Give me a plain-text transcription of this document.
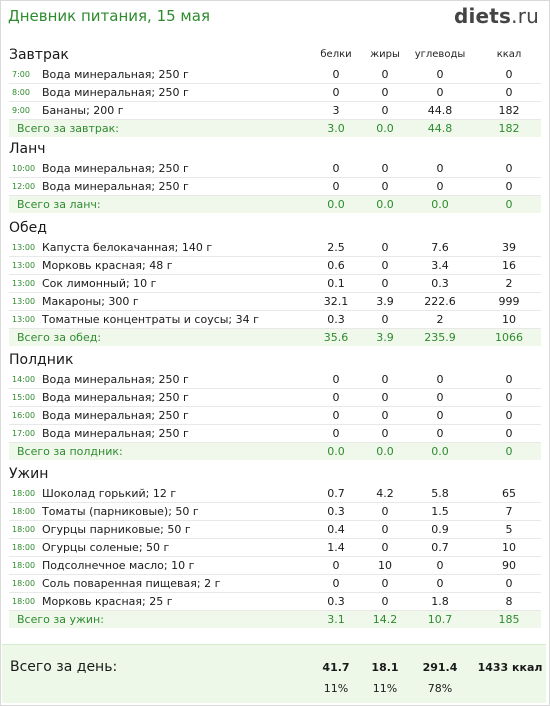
Дневник питания, 15 мая	diets.ru
белки	жиры	углеводы	ккал
Завтрак
7:00 Вода минеральная; 250 г	0	0	0	0
8:00 Вода минеральная; 250 г	0	0	0	0
9:00 Бананы; 200 г	3	0	44.8	182
Всего за завтрак:	3.0	0.0	44.8	182
Ланч
10:00 Вода минеральная; 250 г	0	0	0	0
12:00 Вода минеральная; 250 г	0	0	0	0
Всего за ланч:	0.0	0.0	0.0	0
Обед
13:00 Капуста белокачанная; 140 г	2.5	0	7.6	39
13:00 Морковь красная; 48 г	0.6	0	3.4	16
13:00 Сок лимонный; 10 г	0.1	0	0.3	2
13:00 Макароны; 300 г	32.1	3.9	222.6	999
13:00 Томатные концентраты и соусы; 34 г	0.3	0	2	10
Всего за обед:	35.6	3.9	235.9	1066
Полдник
14:00 Вода минеральная; 250 г	0	0	0	0
15:00 Вода минеральная; 250 г	0	0	0	0
16:00 Вода минеральная; 250 г	0	0	0	0
17:00 Вода минеральная; 250 г	0	0	0	0
Всего за полдник:	0.0	0.0	0.0	0
Ужин
18:00 Шоколад горький; 12 г	0.7	4.2	5.8	65
18:00 Томаты (парниковые); 50 г	0.3	0	1.5	7
18:00 Огурцы парниковые; 50 г	0.4	0	0.9	5
18:00 Огурцы соленые; 50 г	1.4	0	0.7	10
18:00 Подсолнечное масло; 10 г	0	10	0	90
18:00 Соль поваренная пищевая; 2 г	0	0	0	0
18:00 Морковь красная; 25 г	0.3	0	1.8	8
Всего за ужин:	3.1	14.2	10.7	185
Всего за день:	41.7	18.1	291.4	1433 ккал
11%	11%	78%
